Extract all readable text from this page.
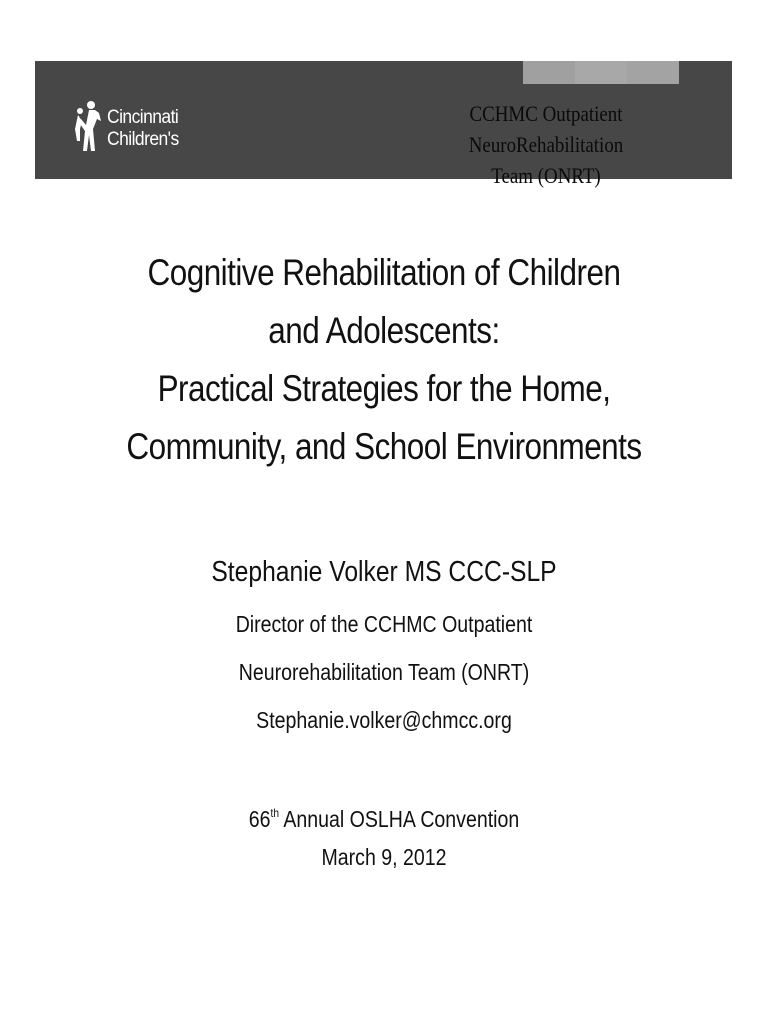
Cincinnati
Children's
CCHMC Outpatient NeuroRehabilitation
Team (ONRT)
Cognitive Rehabilitation of Children
and Adolescents:
Practical Strategies for the Home,
Community, and School Environments
Stephanie Volker MS CCC-SLP
Director of the CCHMC Outpatient
Neurorehabilitation Team (ONRT)
Stephanie.volker@chmcc.org
66th Annual OSLHA Convention
March 9, 2012
